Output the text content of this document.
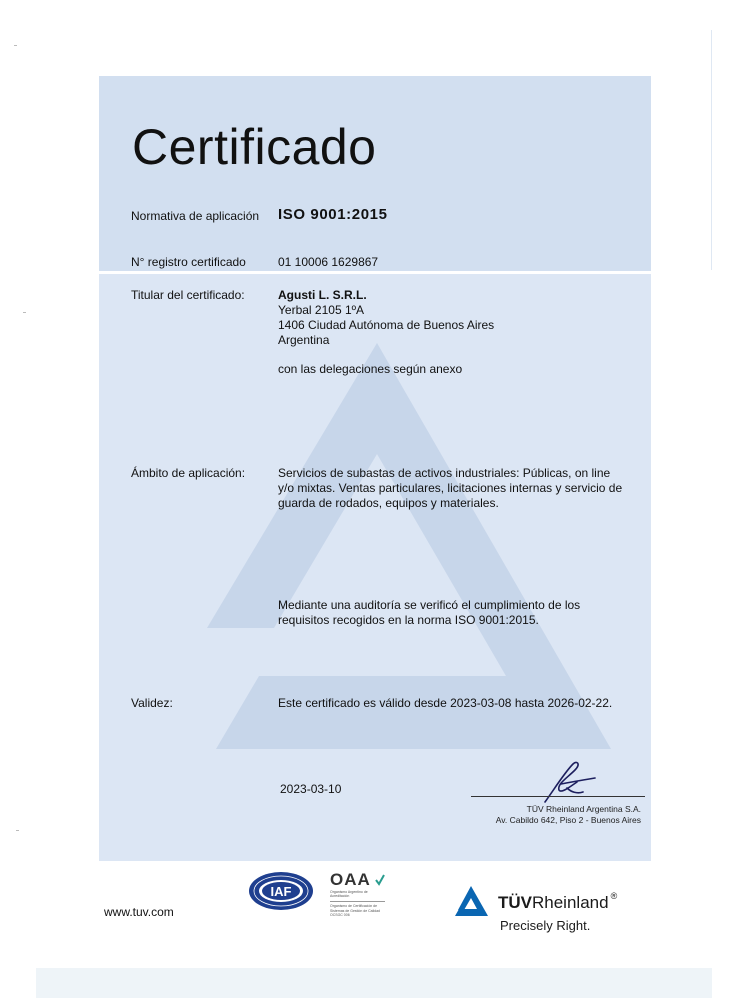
Certificado
Normativa de aplicación ISO 9001:2015
N° registro certificado	01 10006 1629867
Titular del certificado:	Agusti L. S.R.L.
Yerbal 2105 1ºA
1406 Ciudad Autónoma de Buenos Aires
Argentina
con las delegaciones según anexo
Ámbito de aplicación:	Servicios de subastas de activos industriales: Públicas, on line
y/o mixtas. Ventas particulares, licitaciones internas y servicio de
guarda de rodados, equipos y materiales.
Mediante una auditoría se verificó el cumplimiento de los
requisitos recogidos en la norma ISO 9001:2015.
Validez:	Este certificado es válido desde 2023-03-08 hasta 2026-02-22.
2023-03-10
TÜV Rheinland Argentina S.A.
Av. Cabildo 642, Piso 2 - Buenos Aires
www.tuv.com
IAF
OAA
Organismo Argentino de Acreditación
Organismo de Certificación de Sistemas de Gestión de Calidad OCSGC 006
TÜVRheinland ®
Precisely Right.
